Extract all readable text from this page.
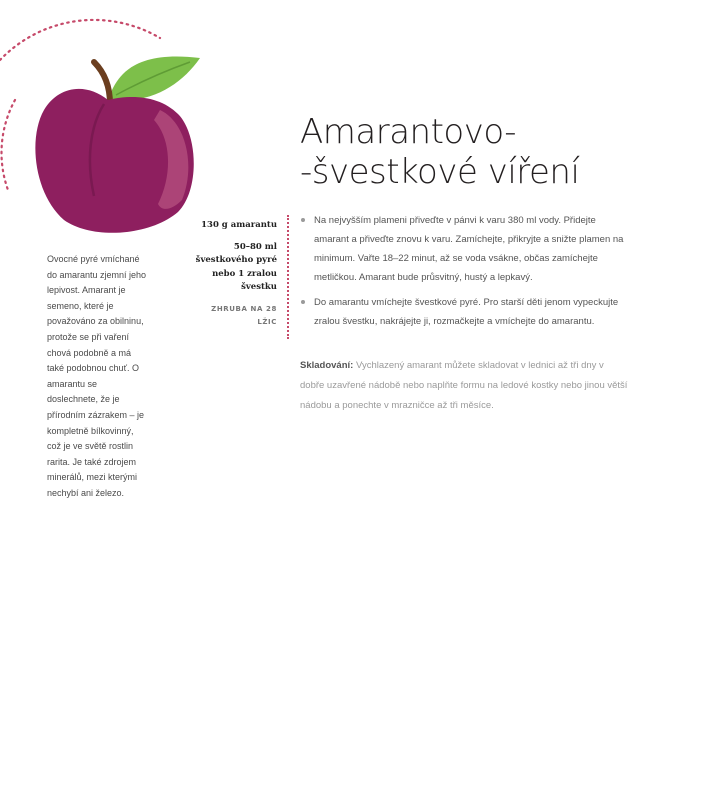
Amarantovo-
-švestkové víření

Ovocné pyré vmíchané do amarantu zjemní jeho lepivost. Amarant je semeno, které je považováno za obilninu, protože se při vaření chová podobně a má také podobnou chuť. O amarantu se doslechnete, že je přírodním zázrakem – je kompletně bílkovinný, což je ve světě rostlin rarita. Je také zdrojem minerálů, mezi kterými nechybí ani železo.

130 g amarantu
50–80 ml švestkového pyré nebo 1 zralou švestku
ZHRUBA NA 28 LŽIC
Na nejvyšším plameni přiveďte v pánvi k varu 380 ml vody. Přidejte amarant a přiveďte znovu k varu. Zamíchejte, přikryjte a snižte plamen na minimum. Vařte 18–22 minut, až se voda vsákne, občas zamíchejte metličkou. Amarant bude průsvitný, hustý a lepkavý.
Do amarantu vmíchejte švestkové pyré. Pro starší děti jenom vypeckujte zralou švestku, nakrájejte ji, rozmačkejte a vmíchejte do amarantu.

Skladování: Vychlazený amarant můžete skladovat v lednici až tři dny v dobře uzavřené nádobě nebo naplňte formu na ledové kostky nebo jinou větší nádobu a ponechte v mrazničce až tři měsíce.
